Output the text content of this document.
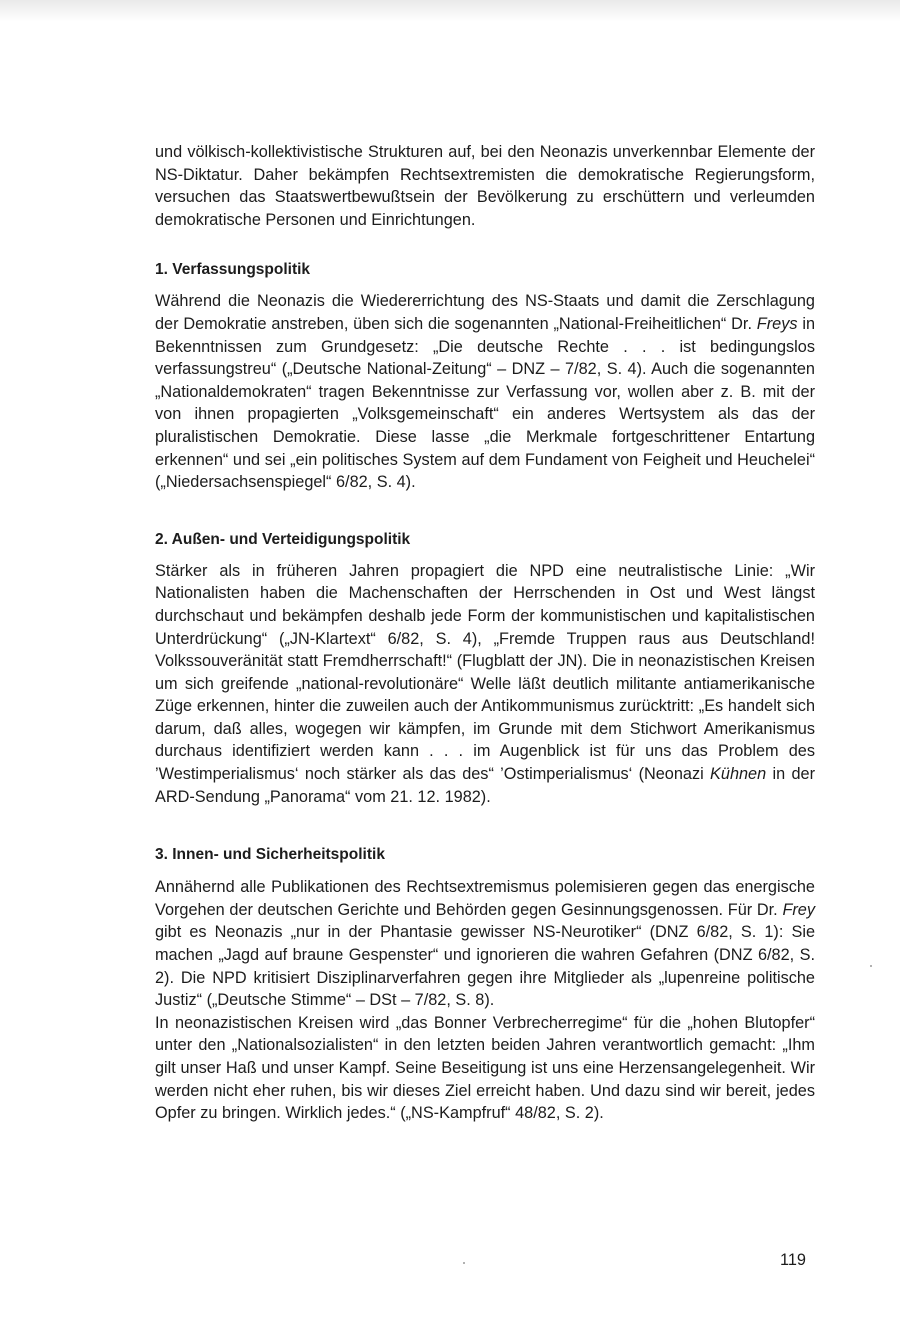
und völkisch-kollektivistische Strukturen auf, bei den Neonazis unverkennbar Elemente der NS-Diktatur. Daher bekämpfen Rechtsextremisten die demokratische Regierungsform, versuchen das Staatswertbewußtsein der Bevölkerung zu erschüttern und verleumden demokratische Personen und Einrichtungen.

1. Verfassungspolitik

Während die Neonazis die Wiedererrichtung des NS-Staats und damit die Zerschlagung der Demokratie anstreben, üben sich die sogenannten „National-Freiheitlichen“ Dr. Freys in Bekenntnissen zum Grundgesetz: „Die deutsche Rechte . . . ist bedingungslos verfassungstreu“ („Deutsche National-Zeitung“ – DNZ – 7/82, S. 4). Auch die sogenannten „Nationaldemokraten“ tragen Bekenntnisse zur Verfassung vor, wollen aber z. B. mit der von ihnen propagierten „Volksgemeinschaft“ ein anderes Wertsystem als das der pluralistischen Demokratie. Diese lasse „die Merkmale fortgeschrittener Entartung erkennen“ und sei „ein politisches System auf dem Fundament von Feigheit und Heuchelei“ („Niedersachsenspiegel“ 6/82, S. 4).

2. Außen- und Verteidigungspolitik

Stärker als in früheren Jahren propagiert die NPD eine neutralistische Linie: „Wir Nationalisten haben die Machenschaften der Herrschenden in Ost und West längst durchschaut und bekämpfen deshalb jede Form der kommunistischen und kapitalistischen Unterdrückung“ („JN-Klartext“ 6/82, S. 4), „Fremde Truppen raus aus Deutschland! Volkssouveränität statt Fremdherrschaft!“ (Flugblatt der JN). Die in neonazistischen Kreisen um sich greifende „national-revolutionäre“ Welle läßt deutlich militante antiamerikanische Züge erkennen, hinter die zuweilen auch der Antikommunismus zurücktritt: „Es handelt sich darum, daß alles, wogegen wir kämpfen, im Grunde mit dem Stichwort Amerikanismus durchaus identifiziert werden kann . . . im Augenblick ist für uns das Problem des ’Westimperialismus‘ noch stärker als das des“ ’Ostimperialismus‘ (Neonazi Kühnen in der ARD-Sendung „Panorama“ vom 21. 12. 1982).

3. Innen- und Sicherheitspolitik

Annähernd alle Publikationen des Rechtsextremismus polemisieren gegen das energische Vorgehen der deutschen Gerichte und Behörden gegen Gesinnungsgenossen. Für Dr. Frey gibt es Neonazis „nur in der Phantasie gewisser NS-Neurotiker“ (DNZ 6/82, S. 1): Sie machen „Jagd auf braune Gespenster“ und ignorieren die wahren Gefahren (DNZ 6/82, S. 2). Die NPD kritisiert Disziplinarverfahren gegen ihre Mitglieder als „lupenreine politische Justiz“ („Deutsche Stimme“ – DSt – 7/82, S. 8).

In neonazistischen Kreisen wird „das Bonner Verbrecherregime“ für die „hohen Blutopfer“ unter den „Nationalsozialisten“ in den letzten beiden Jahren verantwortlich gemacht: „Ihm gilt unser Haß und unser Kampf. Seine Beseitigung ist uns eine Herzensangelegenheit. Wir werden nicht eher ruhen, bis wir dieses Ziel erreicht haben. Und dazu sind wir bereit, jedes Opfer zu bringen. Wirklich jedes.“ („NS-Kampfruf“ 48/82, S. 2).

119
